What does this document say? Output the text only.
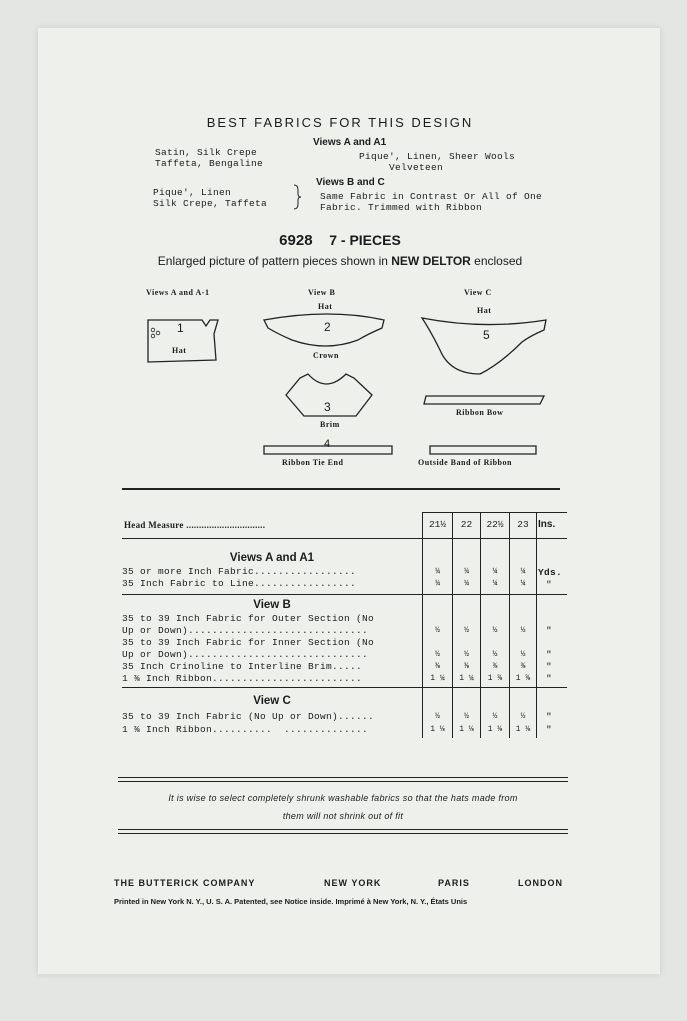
BEST FABRICS FOR THIS DESIGN
Views A and A1
Satin, Silk Crepe
Taffeta, Bengaline
Pique', Linen, Sheer Wools
Velveteen
Views B and C
Pique', Linen
Silk Crepe, Taffeta
Same Fabric in Contrast Or All of One
Fabric. Trimmed with Ribbon
6928 7 - PIECES
Enlarged picture of pattern pieces shown in NEW DELTOR enclosed
Views A and A-1	View B	View C
1
Hat
Hat
2
Crown
3
Brim
4
Ribbon Tie End
Hat
5
Ribbon Bow
Outside Band of Ribbon
Head Measure ...............................	21½	22	22½	23 Ins.
Views A and A1
35 or more Inch Fabric.................	¼	¼	¼	¼	Yds.
35 Inch Fabric to Line.................	¼	¼	¼	¼	"
View B
35 to 39 Inch Fabric for Outer Section (No
Up or Down)..............................	½	½	½	½	"
35 to 39 Inch Fabric for Inner Section (No
Up or Down)..............................	½	½	½	½	"
35 Inch Crinoline to Interline Brim.....	⅜	⅜	⅜	⅜	"
1 ⅜ Inch Ribbon.........................	1 ¼	1 ¼	1 ⅜	1 ⅜	"
View C
35 to 39 Inch Fabric (No Up or Down)......	½	½	½	½	"
1 ⅜ Inch Ribbon..........  ..............	1 ⅛	1 ⅛	1 ⅛	1 ⅛	"
It is wise to select completely shrunk washable fabrics so that the hats made from
them will not shrink out of fit
THE BUTTERICK COMPANY	NEW YORK	PARIS	LONDON
Printed in New York N. Y., U. S. A. Patented, see Notice inside. Imprimé à New York, N. Y., États Unis
